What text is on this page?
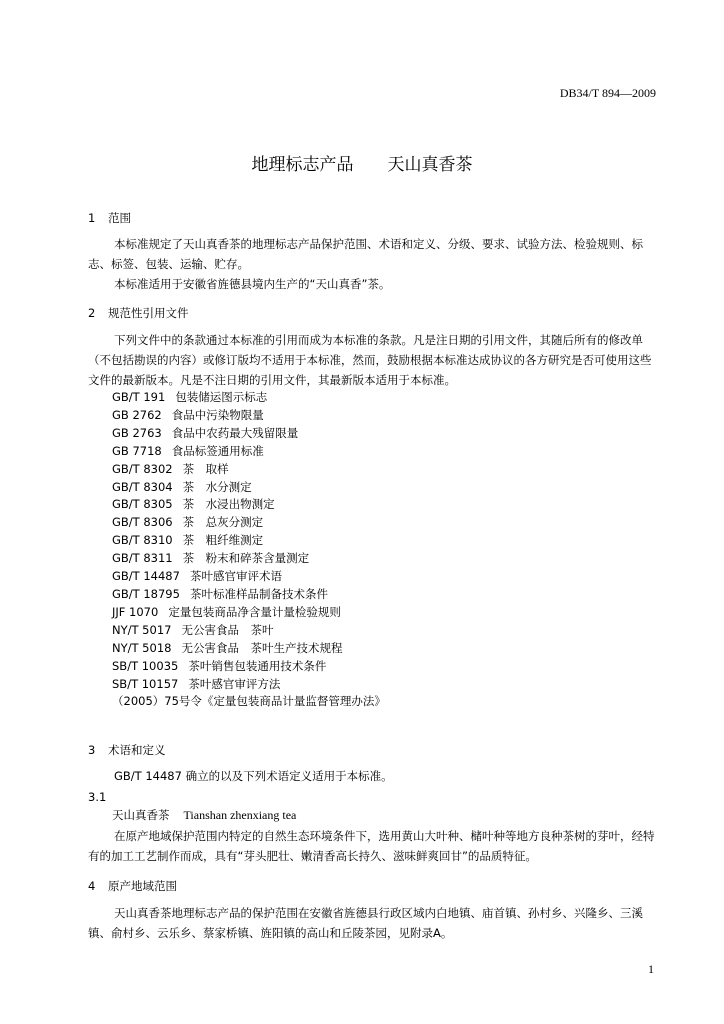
DB34/T 894—2009
地理标志产品 天山真香茶
1 范围

本标准规定了天山真香茶的地理标志产品保护范围、术语和定义、分级、要求、试验方法、检验规则、标志、标签、包装、运输、贮存。

本标准适用于安徽省旌德县境内生产的“天山真香”茶。

2 规范性引用文件

下列文件中的条款通过本标准的引用而成为本标准的条款。凡是注日期的引用文件，其随后所有的修改单（不包括勘误的内容）或修订版均不适用于本标准，然而，鼓励根据本标准达成协议的各方研究是否可使用这些文件的最新版本。凡是不注日期的引用文件，其最新版本适用于本标准。

GB/T 191 包装储运图示标志
GB 2762 食品中污染物限量
GB 2763 食品中农药最大残留限量
GB 7718 食品标签通用标准
GB/T 8302 茶　取样
GB/T 8304 茶　水分测定
GB/T 8305 茶　水浸出物测定
GB/T 8306 茶　总灰分测定
GB/T 8310 茶　粗纤维测定
GB/T 8311 茶　粉末和碎茶含量测定
GB/T 14487 茶叶感官审评术语
GB/T 18795 茶叶标准样品制备技术条件
JJF 1070 定量包装商品净含量计量检验规则
NY/T 5017 无公害食品　茶叶
NY/T 5018 无公害食品　茶叶生产技术规程
SB/T 10035 茶叶销售包装通用技术条件
SB/T 10157 茶叶感官审评方法
（2005）75号令《定量包装商品计量监督管理办法》
3 术语和定义

GB/T 14487 确立的以及下列术语定义适用于本标准。

3.1
天山真香茶 Tianshan zhenxiang tea

在原产地域保护范围内特定的自然生态环境条件下，选用黄山大叶种、槠叶种等地方良种茶树的芽叶，经特有的加工工艺制作而成，具有“芽头肥壮、嫩清香高长持久、滋味鲜爽回甘”的品质特征。

4 原产地域范围

天山真香茶地理标志产品的保护范围在安徽省旌德县行政区域内白地镇、庙首镇、孙村乡、兴隆乡、三溪镇、俞村乡、云乐乡、蔡家桥镇、旌阳镇的高山和丘陵茶园，见附录A。

1
